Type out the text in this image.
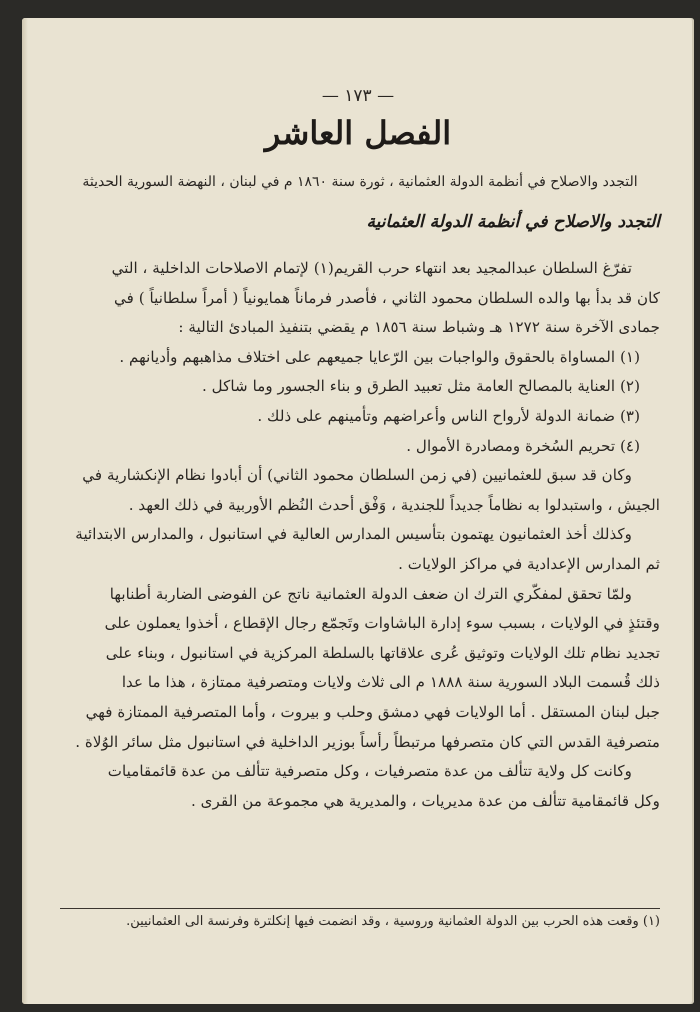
— ١٧٣ —
الفصل العاشر
التجدد والاصلاح في أنظمة الدولة العثمانية ، ثورة سنة ١٨٦٠ م في لبنان ، النهضة السورية الحديثة
التجدد والاصلاح في أنظمة الدولة العثمانية
تفرّغ السلطان عبدالمجيد بعد انتهاء حرب القريم(١) لإتمام الاصلاحات الداخلية ، التي
كان قد بدأ بها والده السلطان محمود الثاني ، فأصدر فرماناً همايونياً ( أمراً سلطانياً ) في
جمادى الآخرة سنة ١٢٧٢ هـ وشباط سنة ١٨٥٦ م يقضي بتنفيذ المبادئ التالية :
(١) المساواة بالحقوق والواجبات بين الرّعايا جميعهم على اختلاف مذاهبهم وأديانهم .
(٢) العناية بالمصالح العامة مثل تعبيد الطرق و بناء الجسور وما شاكل .
(٣) ضمانة الدولة لأرواح الناس وأعراضهم وتأمينهم على ذلك .
(٤) تحريم السُخرة ومصادرة الأموال .
وكان قد سبق للعثمانيين (في زمن السلطان محمود الثاني) أن أبادوا نظام الإنكشارية في
الجيش ، واستبدلوا به نظاماً جديداً للجندية ، وَفْق أحدث النُظم الأوربية في ذلك العهد .
وكذلك أخذ العثمانيون يهتمون بتأسيس المدارس العالية في استانبول ، والمدارس الابتدائية
ثم المدارس الإعدادية في مراكز الولايات .
ولمّا تحقق لمفكّري الترك ان ضعف الدولة العثمانية ناتج عن الفوضى الضاربة أطنابها
وقتئذٍ في الولايات ، بسبب سوء إدارة الباشاوات وتَجمّع رجال الإقطاع ، أخذوا يعملون على
تجديد نظام تلك الولايات وتوثيق عُرى علاقاتها بالسلطة المركزية في استانبول ، وبناء على
ذلك قُسمت البلاد السورية سنة ١٨٨٨ م الى ثلاث ولايات ومتصرفية ممتازة ، هذا ما عدا
جبل لبنان المستقل . أما الولايات فهي دمشق وحلب و بيروت ، وأما المتصرفية الممتازة فهي
متصرفية القدس التي كان متصرفها مرتبطاً رأساً بوزير الداخلية في استانبول مثل سائر الوُلاة .
وكانت كل ولاية تتألف من عدة متصرفيات ، وكل متصرفية تتألف من عدة قائمقاميات
وكل قائمقامية تتألف من عدة مديريات ، والمديرية هي مجموعة من القرى .
(١) وقعت هذه الحرب بين الدولة العثمانية وروسية ، وقد انضمت فيها إنكلترة وفرنسة الى العثمانيين.
